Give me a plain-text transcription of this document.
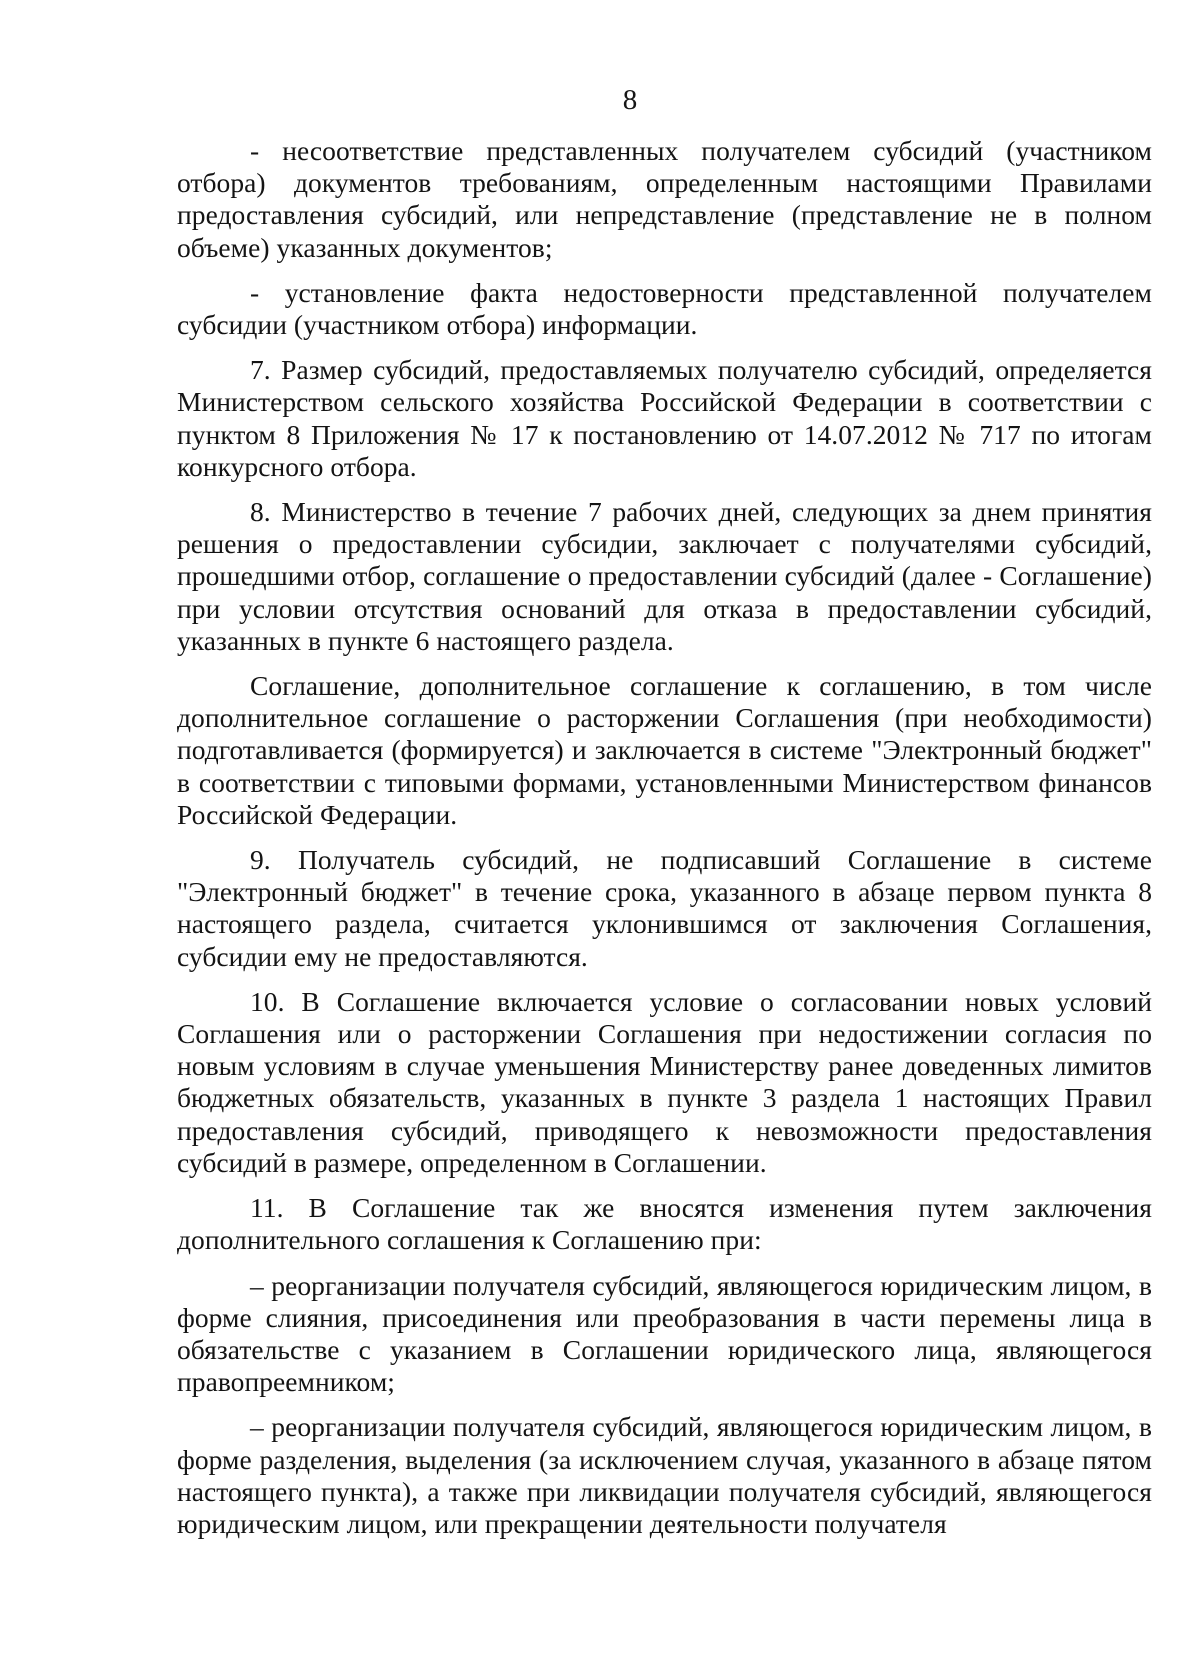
8

- несоответствие представленных получателем субсидий (участником отбора) документов требованиям, определенным настоящими Правилами предоставления субсидий, или непредставление (представление не в полном объеме) указанных документов;

- установление факта недостоверности представленной получателем субсидии (участником отбора) информации.

7. Размер субсидий, предоставляемых получателю субсидий, определяется Министерством сельского хозяйства Российской Федерации в соответствии с пунктом 8 Приложения № 17 к постановлению от 14.07.2012 № 717 по итогам конкурсного отбора.

8. Министерство в течение 7 рабочих дней, следующих за днем принятия решения о предоставлении субсидии, заключает с получателями субсидий, прошедшими отбор, соглашение о предоставлении субсидий (далее - Соглашение) при условии отсутствия оснований для отказа в предоставлении субсидий, указанных в пункте 6 настоящего раздела.

Соглашение, дополнительное соглашение к соглашению, в том числе дополнительное соглашение о расторжении Соглашения (при необходимости) подготавливается (формируется) и заключается в системе "Электронный бюджет" в соответствии с типовыми формами, установленными Министерством финансов Российской Федерации.

9. Получатель субсидий, не подписавший Соглашение в системе "Электронный бюджет" в течение срока, указанного в абзаце первом пункта 8 настоящего раздела, считается уклонившимся от заключения Соглашения, субсидии ему не предоставляются.

10. В Соглашение включается условие о согласовании новых условий Соглашения или о расторжении Соглашения при недостижении согласия по новым условиям в случае уменьшения Министерству ранее доведенных лимитов бюджетных обязательств, указанных в пункте 3 раздела 1 настоящих Правил предоставления субсидий, приводящего к невозможности предоставления субсидий в размере, определенном в Соглашении.

11. В Соглашение так же вносятся изменения путем заключения дополнительного соглашения к Соглашению при:

– реорганизации получателя субсидий, являющегося юридическим лицом, в форме слияния, присоединения или преобразования в части перемены лица в обязательстве с указанием в Соглашении юридического лица, являющегося правопреемником;

– реорганизации получателя субсидий, являющегося юридическим лицом, в форме разделения, выделения (за исключением случая, указанного в абзаце пятом настоящего пункта), а также при ликвидации получателя субсидий, являющегося юридическим лицом, или прекращении деятельности получателя
